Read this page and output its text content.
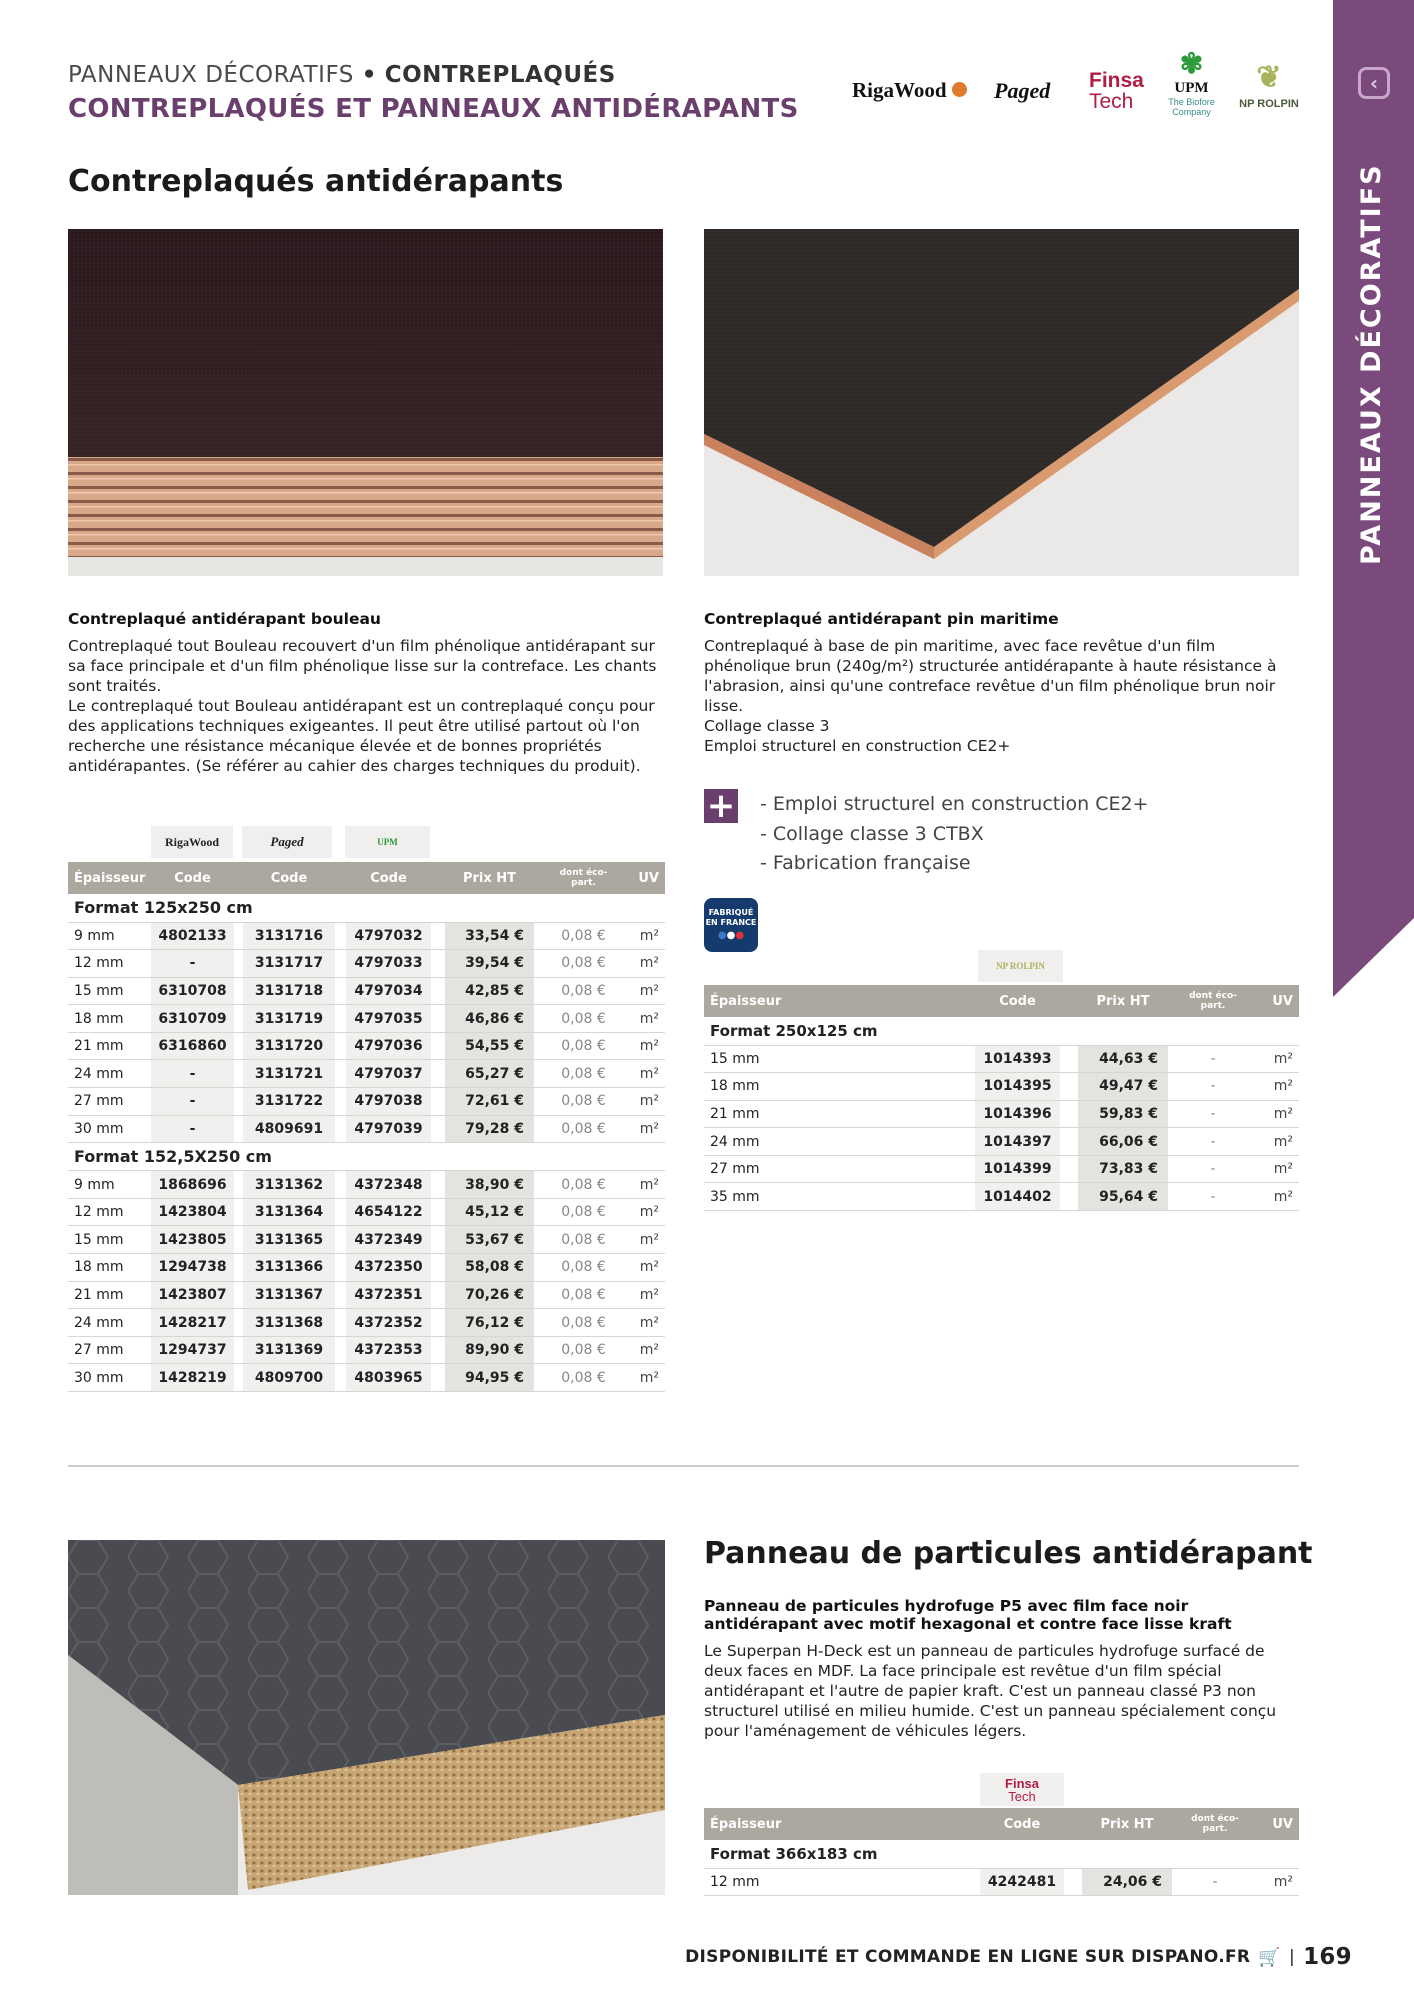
PANNEAUX DÉCORATIFS • CONTREPLAQUÉS
CONTREPLAQUÉS ET PANNEAUX ANTIDÉRAPANTS
RigaWood	Paged Finsa
Tech
✾
UPM
The Biofore Company
❦
NP ROLPIN
‹
PANNEAUX DÉCORATIFS
Contreplaqués antidérapants
Contreplaqué antidérapant bouleau
Contreplaqué tout Bouleau recouvert d'un film phénolique antidérapant sur sa face principale et d'un film phénolique lisse sur la contreface. Les chants sont traités.
Le contreplaqué tout Bouleau antidérapant est un contreplaqué conçu pour des applications techniques exigeantes. Il peut être utilisé partout où l'on recherche une résistance mécanique élevée et de bonnes propriétés antidérapantes. (Se référer au cahier des charges techniques du produit).
Contreplaqué antidérapant pin maritime
Contreplaqué à base de pin maritime, avec face revêtue d'un film phénolique brun (240g/m²) structurée antidérapante à haute résistance à l'abrasion, ainsi qu'une contreface revêtue d'un film phénolique brun noir lisse.
Collage classe 3
Emploi structurel en construction CE2+
+ - Emploi structurel en construction CE2+
- Collage classe 3 CTBX
- Fabrication française
FABRIQUÉ EN FRANCE
●●●
RigaWood	Paged	UPM
Épaisseur	Code		Code		Code		Prix HT		dont éco-part.	UV
Format 125x250 cm										
9 mm	4802133		3131716		4797032		33,54 €		0,08 €	m²
12 mm	-		3131717		4797033		39,54 €		0,08 €	m²
15 mm	6310708		3131718		4797034		42,85 €		0,08 €	m²
18 mm	6310709		3131719		4797035		46,86 €		0,08 €	m²
21 mm	6316860		3131720		4797036		54,55 €		0,08 €	m²
24 mm	-		3131721		4797037		65,27 €		0,08 €	m²
27 mm	-		3131722		4797038		72,61 €		0,08 €	m²
30 mm	-		4809691		4797039		79,28 €		0,08 €	m²
Format 152,5X250 cm										
9 mm	1868696		3131362		4372348		38,90 €		0,08 €	m²
12 mm	1423804		3131364		4654122		45,12 €		0,08 €	m²
15 mm	1423805		3131365		4372349		53,67 €		0,08 €	m²
18 mm	1294738		3131366		4372350		58,08 €		0,08 €	m²
21 mm	1423807		3131367		4372351		70,26 €		0,08 €	m²
24 mm	1428217		3131368		4372352		76,12 €		0,08 €	m²
27 mm	1294737		3131369		4372353		89,90 €		0,08 €	m²
30 mm	1428219		4809700		4803965		94,95 €		0,08 €	m²
NP ROLPIN
Épaisseur	Code		Prix HT		dont éco-part.	UV
Format 250x125 cm						
15 mm	1014393		44,63 €		-	m²
18 mm	1014395		49,47 €		-	m²
21 mm	1014396		59,83 €		-	m²
24 mm	1014397		66,06 €		-	m²
27 mm	1014399		73,83 €		-	m²
35 mm	1014402		95,64 €		-	m²
Panneau de particules antidérapant
Panneau de particules hydrofuge P5 avec film face noir antidérapant avec motif hexagonal et contre face lisse kraft
Le Superpan H-Deck est un panneau de particules hydrofuge surfacé de deux faces en MDF. La face principale est revêtue d'un film spécial antidérapant et l'autre de papier kraft. C'est un panneau classé P3 non structurel utilisé en milieu humide. C'est un panneau spécialement conçu pour l'aménagement de véhicules légers.
Finsa
Tech
Épaisseur	Code		Prix HT		dont éco-part.	UV
Format 366x183 cm						
12 mm	4242481		24,06 €		-	m²
DISPONIBILITÉ ET COMMANDE EN LIGNE SUR DISPANO.FR 🛒 | 169
